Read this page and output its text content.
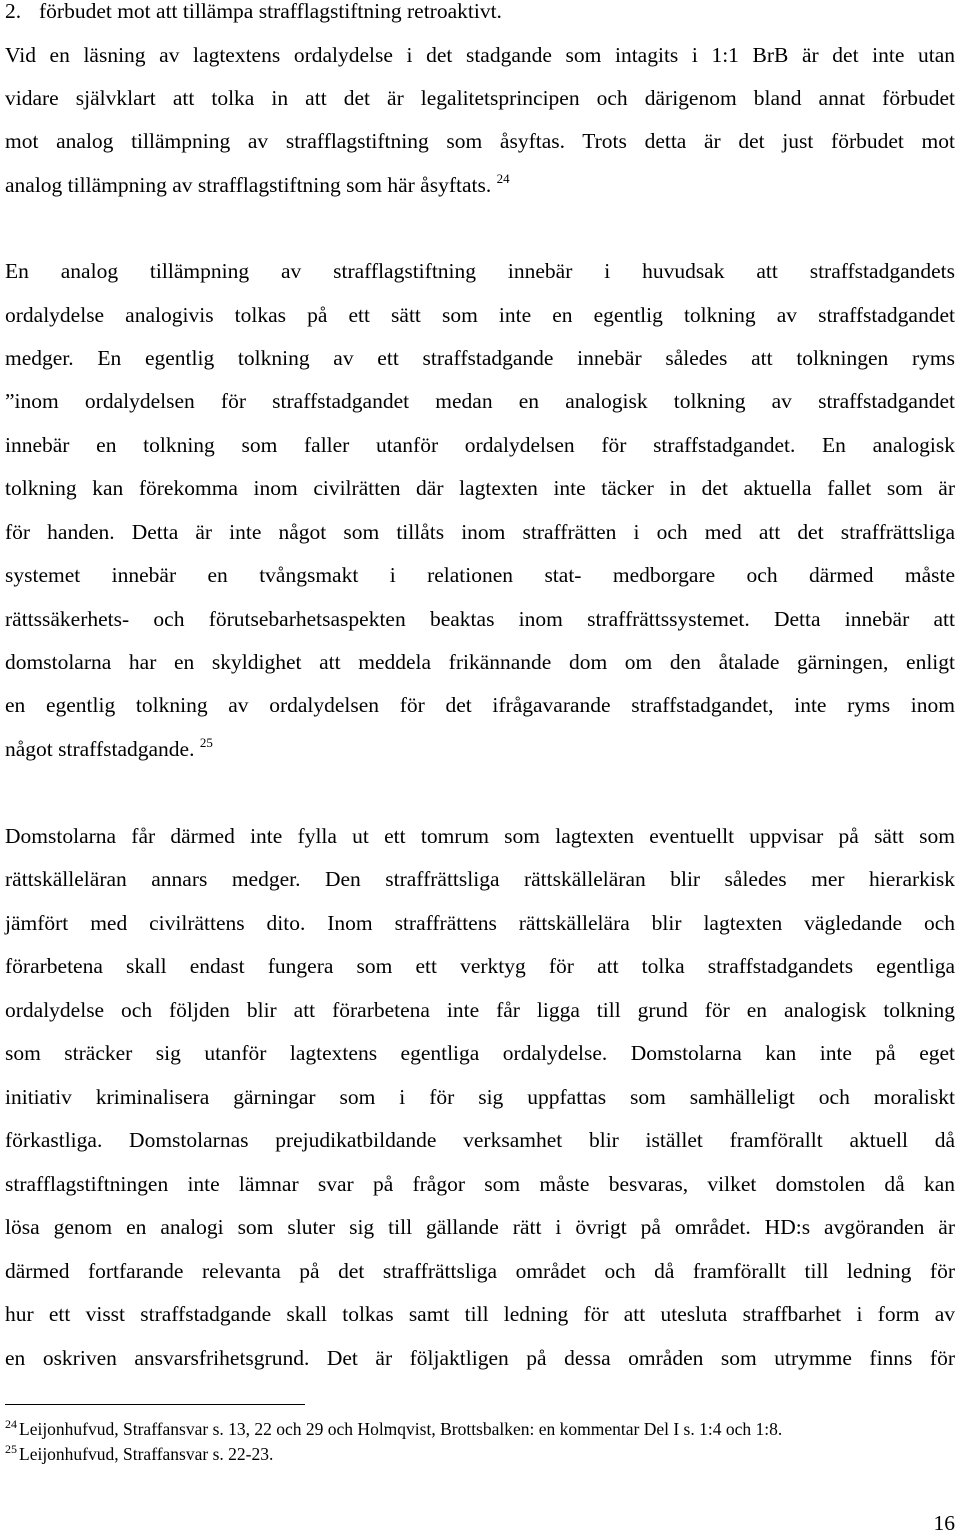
2. förbudet mot att tillämpa strafflagstiftning retroaktivt.
Vid en läsning av lagtextens ordalydelse i det stadgande som intagits i 1:1 BrB är det inte utan
vidare självklart att tolka in att det är legalitetsprincipen och därigenom bland annat förbudet
mot analog tillämpning av strafflagstiftning som åsyftas. Trots detta är det just förbudet mot
analog tillämpning av strafflagstiftning som här åsyftats. $^{24}$
En analog tillämpning av strafflagstiftning innebär i huvudsak att straffstadgandets
ordalydelse analogivis tolkas på ett sätt som inte en egentlig tolkning av straffstadgandet
medger. En egentlig tolkning av ett straffstadgande innebär således att tolkningen ryms
”inom ordalydelsen för straffstadgandet medan en analogisk tolkning av straffstadgandet
innebär en tolkning som faller utanför ordalydelsen för straffstadgandet. En analogisk
tolkning kan förekomma inom civilrätten där lagtexten inte täcker in det aktuella fallet som är
för handen. Detta är inte något som tillåts inom straffrätten i och med att det straffrättsliga
systemet innebär en tvångsmakt i relationen stat- medborgare och därmed måste
rättssäkerhets- och förutsebarhetsaspekten beaktas inom straffrättssystemet. Detta innebär att
domstolarna har en skyldighet att meddela frikännande dom om den åtalade gärningen, enligt
en egentlig tolkning av ordalydelsen för det ifrågavarande straffstadgandet, inte ryms inom
något straffstadgande. $^{25}$
Domstolarna får därmed inte fylla ut ett tomrum som lagtexten eventuellt uppvisar på sätt som
rättskälleläran annars medger. Den straffrättsliga rättskälleläran blir således mer hierarkisk
jämfört med civilrättens dito. Inom straffrättens rättskällelära blir lagtexten vägledande och
förarbetena skall endast fungera som ett verktyg för att tolka straffstadgandets egentliga
ordalydelse och följden blir att förarbetena inte får ligga till grund för en analogisk tolkning
som sträcker sig utanför lagtextens egentliga ordalydelse. Domstolarna kan inte på eget
initiativ kriminalisera gärningar som i för sig uppfattas som samhälleligt och moraliskt
förkastliga. Domstolarnas prejudikatbildande verksamhet blir istället framförallt aktuell då
strafflagstiftningen inte lämnar svar på frågor som måste besvaras, vilket domstolen då kan
lösa genom en analogi som sluter sig till gällande rätt i övrigt på området. HD:s avgöranden är
därmed fortfarande relevanta på det straffrättsliga området och då framförallt till ledning för
hur ett visst straffstadgande skall tolkas samt till ledning för att utesluta straffbarhet i form av
en oskriven ansvarsfrihetsgrund. Det är följaktligen på dessa områden som utrymme finns för
$^{24}$ Leijonhufvud, Straffansvar s. 13, 22 och 29 och Holmqvist, Brottsbalken: en kommentar Del I s. 1:4 och 1:8.
$^{25}$ Leijonhufvud, Straffansvar s. 22-23.
16
